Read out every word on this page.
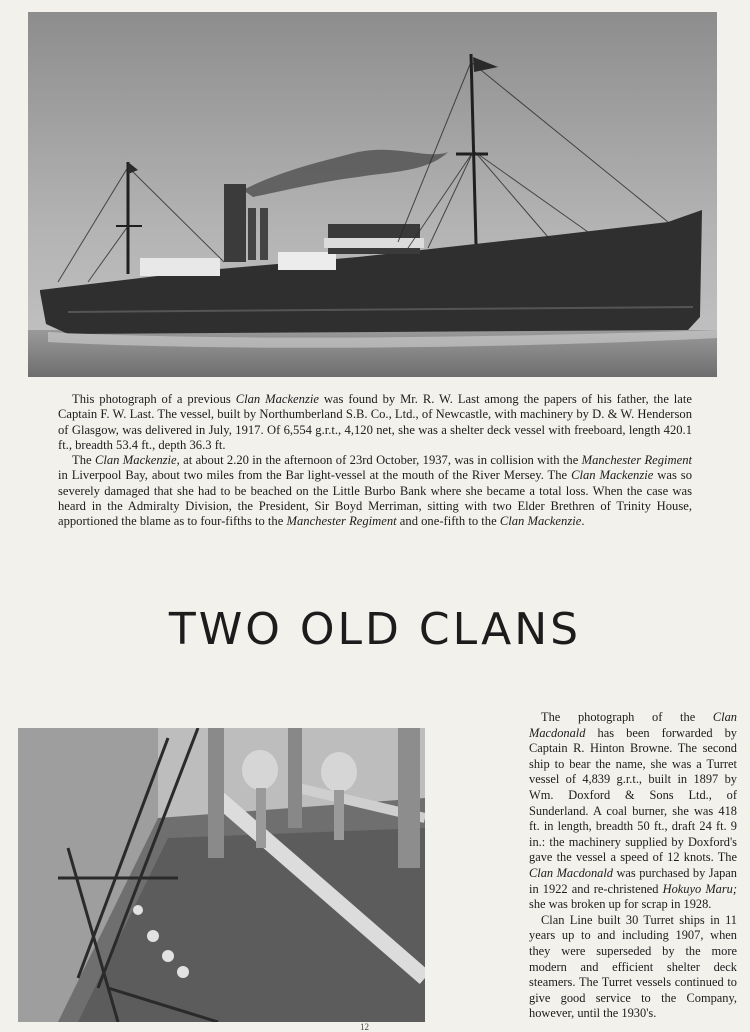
This photograph of a previous Clan Mackenzie was found by Mr. R. W. Last among the papers of his father, the late Captain F. W. Last. The vessel, built by Northumberland S.B. Co., Ltd., of Newcastle, with machinery by D. & W. Henderson of Glasgow, was delivered in July, 1917. Of 6,554 g.r.t., 4,120 net, she was a shelter deck vessel with freeboard, length 420.1 ft., breadth 53.4 ft., depth 36.3 ft.

The Clan Mackenzie, at about 2.20 in the afternoon of 23rd October, 1937, was in collision with the Manchester Regiment in Liverpool Bay, about two miles from the Bar light-vessel at the mouth of the River Mersey. The Clan Mackenzie was so severely damaged that she had to be beached on the Little Burbo Bank where she became a total loss. When the case was heard in the Admiralty Division, the President, Sir Boyd Merriman, sitting with two Elder Brethren of Trinity House, apportioned the blame as to four-fifths to the Manchester Regiment and one-fifth to the Clan Mackenzie.

TWO OLD CLANS

The photograph of the Clan Macdonald has been forwarded by Captain R. Hinton Browne. The second ship to bear the name, she was a Turret vessel of 4,839 g.r.t., built in 1897 by Wm. Doxford & Sons Ltd., of Sunderland. A coal burner, she was 418 ft. in length, breadth 50 ft., draft 24 ft. 9 in.: the machinery supplied by Doxford's gave the vessel a speed of 12 knots. The Clan Macdonald was purchased by Japan in 1922 and re-christened Hokuyo Maru; she was broken up for scrap in 1928.

Clan Line built 30 Turret ships in 11 years up to and including 1907, when they were superseded by the more modern and efficient shelter deck steamers. The Turret vessels continued to give good service to the Company, however, until the 1930's.

12
